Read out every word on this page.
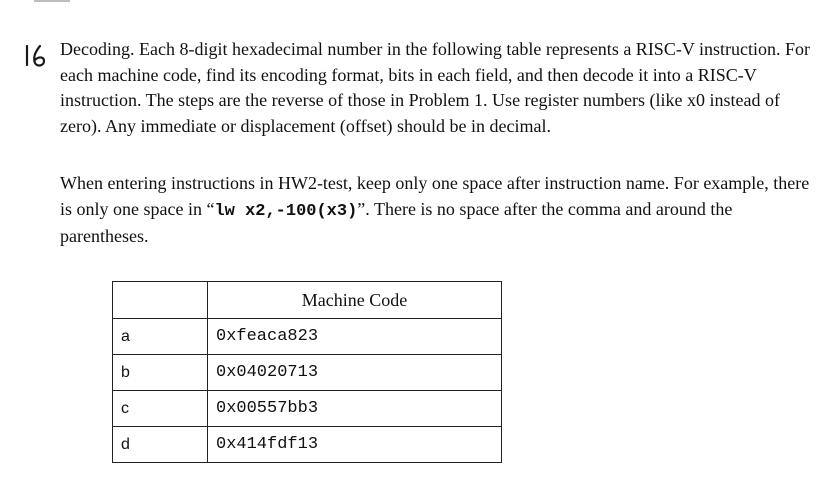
Decoding. Each 8-digit hexadecimal number in the following table represents a RISC-V instruction. For each machine code, find its encoding format, bits in each field, and then decode it into a RISC-V instruction. The steps are the reverse of those in Problem 1. Use register numbers (like x0 instead of zero). Any immediate or displacement (offset) should be in decimal.

When entering instructions in HW2-test, keep only one space after instruction name. For example, there is only one space in “lw x2,-100(x3)”. There is no space after the comma and around the parentheses.

	Machine Code
a	0xfeaca823
b	0x04020713
c	0x00557bb3
d	0x414fdf13
